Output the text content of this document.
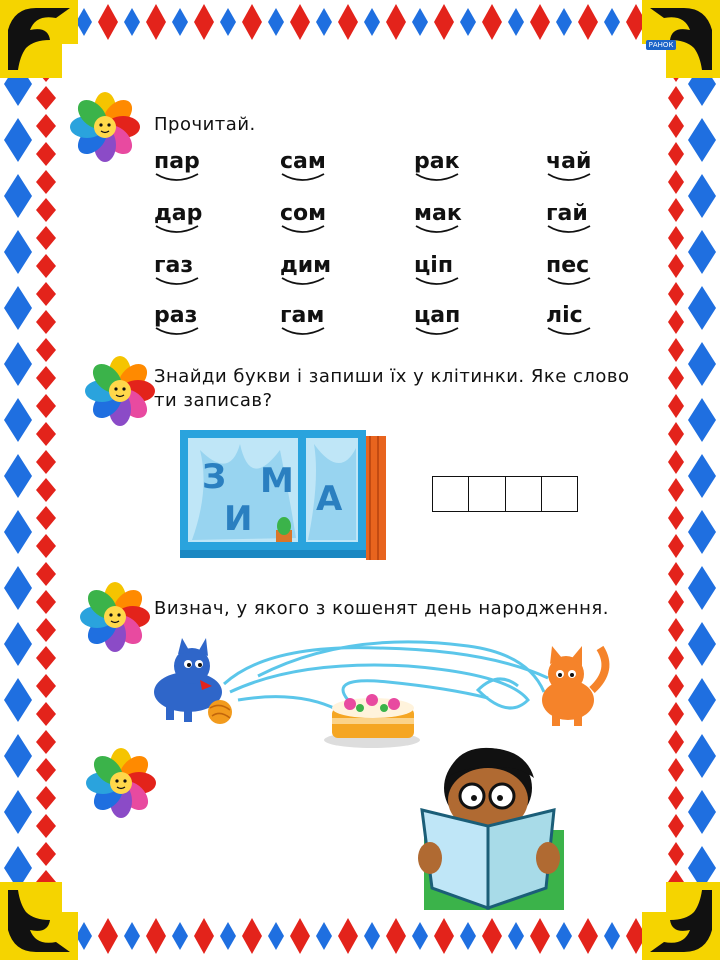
РАНОК
Прочитай.
пар
дар
газ
раз
сам
сом
дим
гам
рак
мак
ціп
цап
чай
гай
пес
ліс
Знайди букви і запиши їх у клітинки. Яке слово
ти записав?
З
И
М А
Визнач, у якого з кошенят день народження.
